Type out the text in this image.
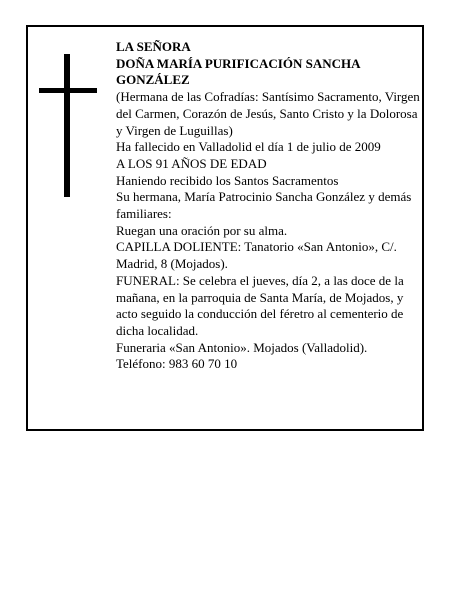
LA SEÑORA

DOÑA MARÍA PURIFICACIÓN SANCHA GONZÁLEZ

(Hermana de las Cofradías: Santísimo Sacramento, Virgen del Carmen, Corazón de Jesús, Santo Cristo y la Dolorosa y Virgen de Luguillas)

Ha fallecido en Valladolid el día 1 de julio de 2009

A LOS 91 AÑOS DE EDAD

Haniendo recibido los Santos Sacramentos

Su hermana, María Patrocinio Sancha González y demás familiares:

Ruegan una oración por su alma.

CAPILLA DOLIENTE: Tanatorio «San Antonio», C/. Madrid, 8 (Mojados).

FUNERAL: Se celebra el jueves, día 2, a las doce de la mañana, en la parroquia de Santa María, de Mojados, y acto seguido la conducción del féretro al cementerio de dicha localidad.

Funeraria «San Antonio». Mojados (Valladolid).

Teléfono: 983 60 70 10
